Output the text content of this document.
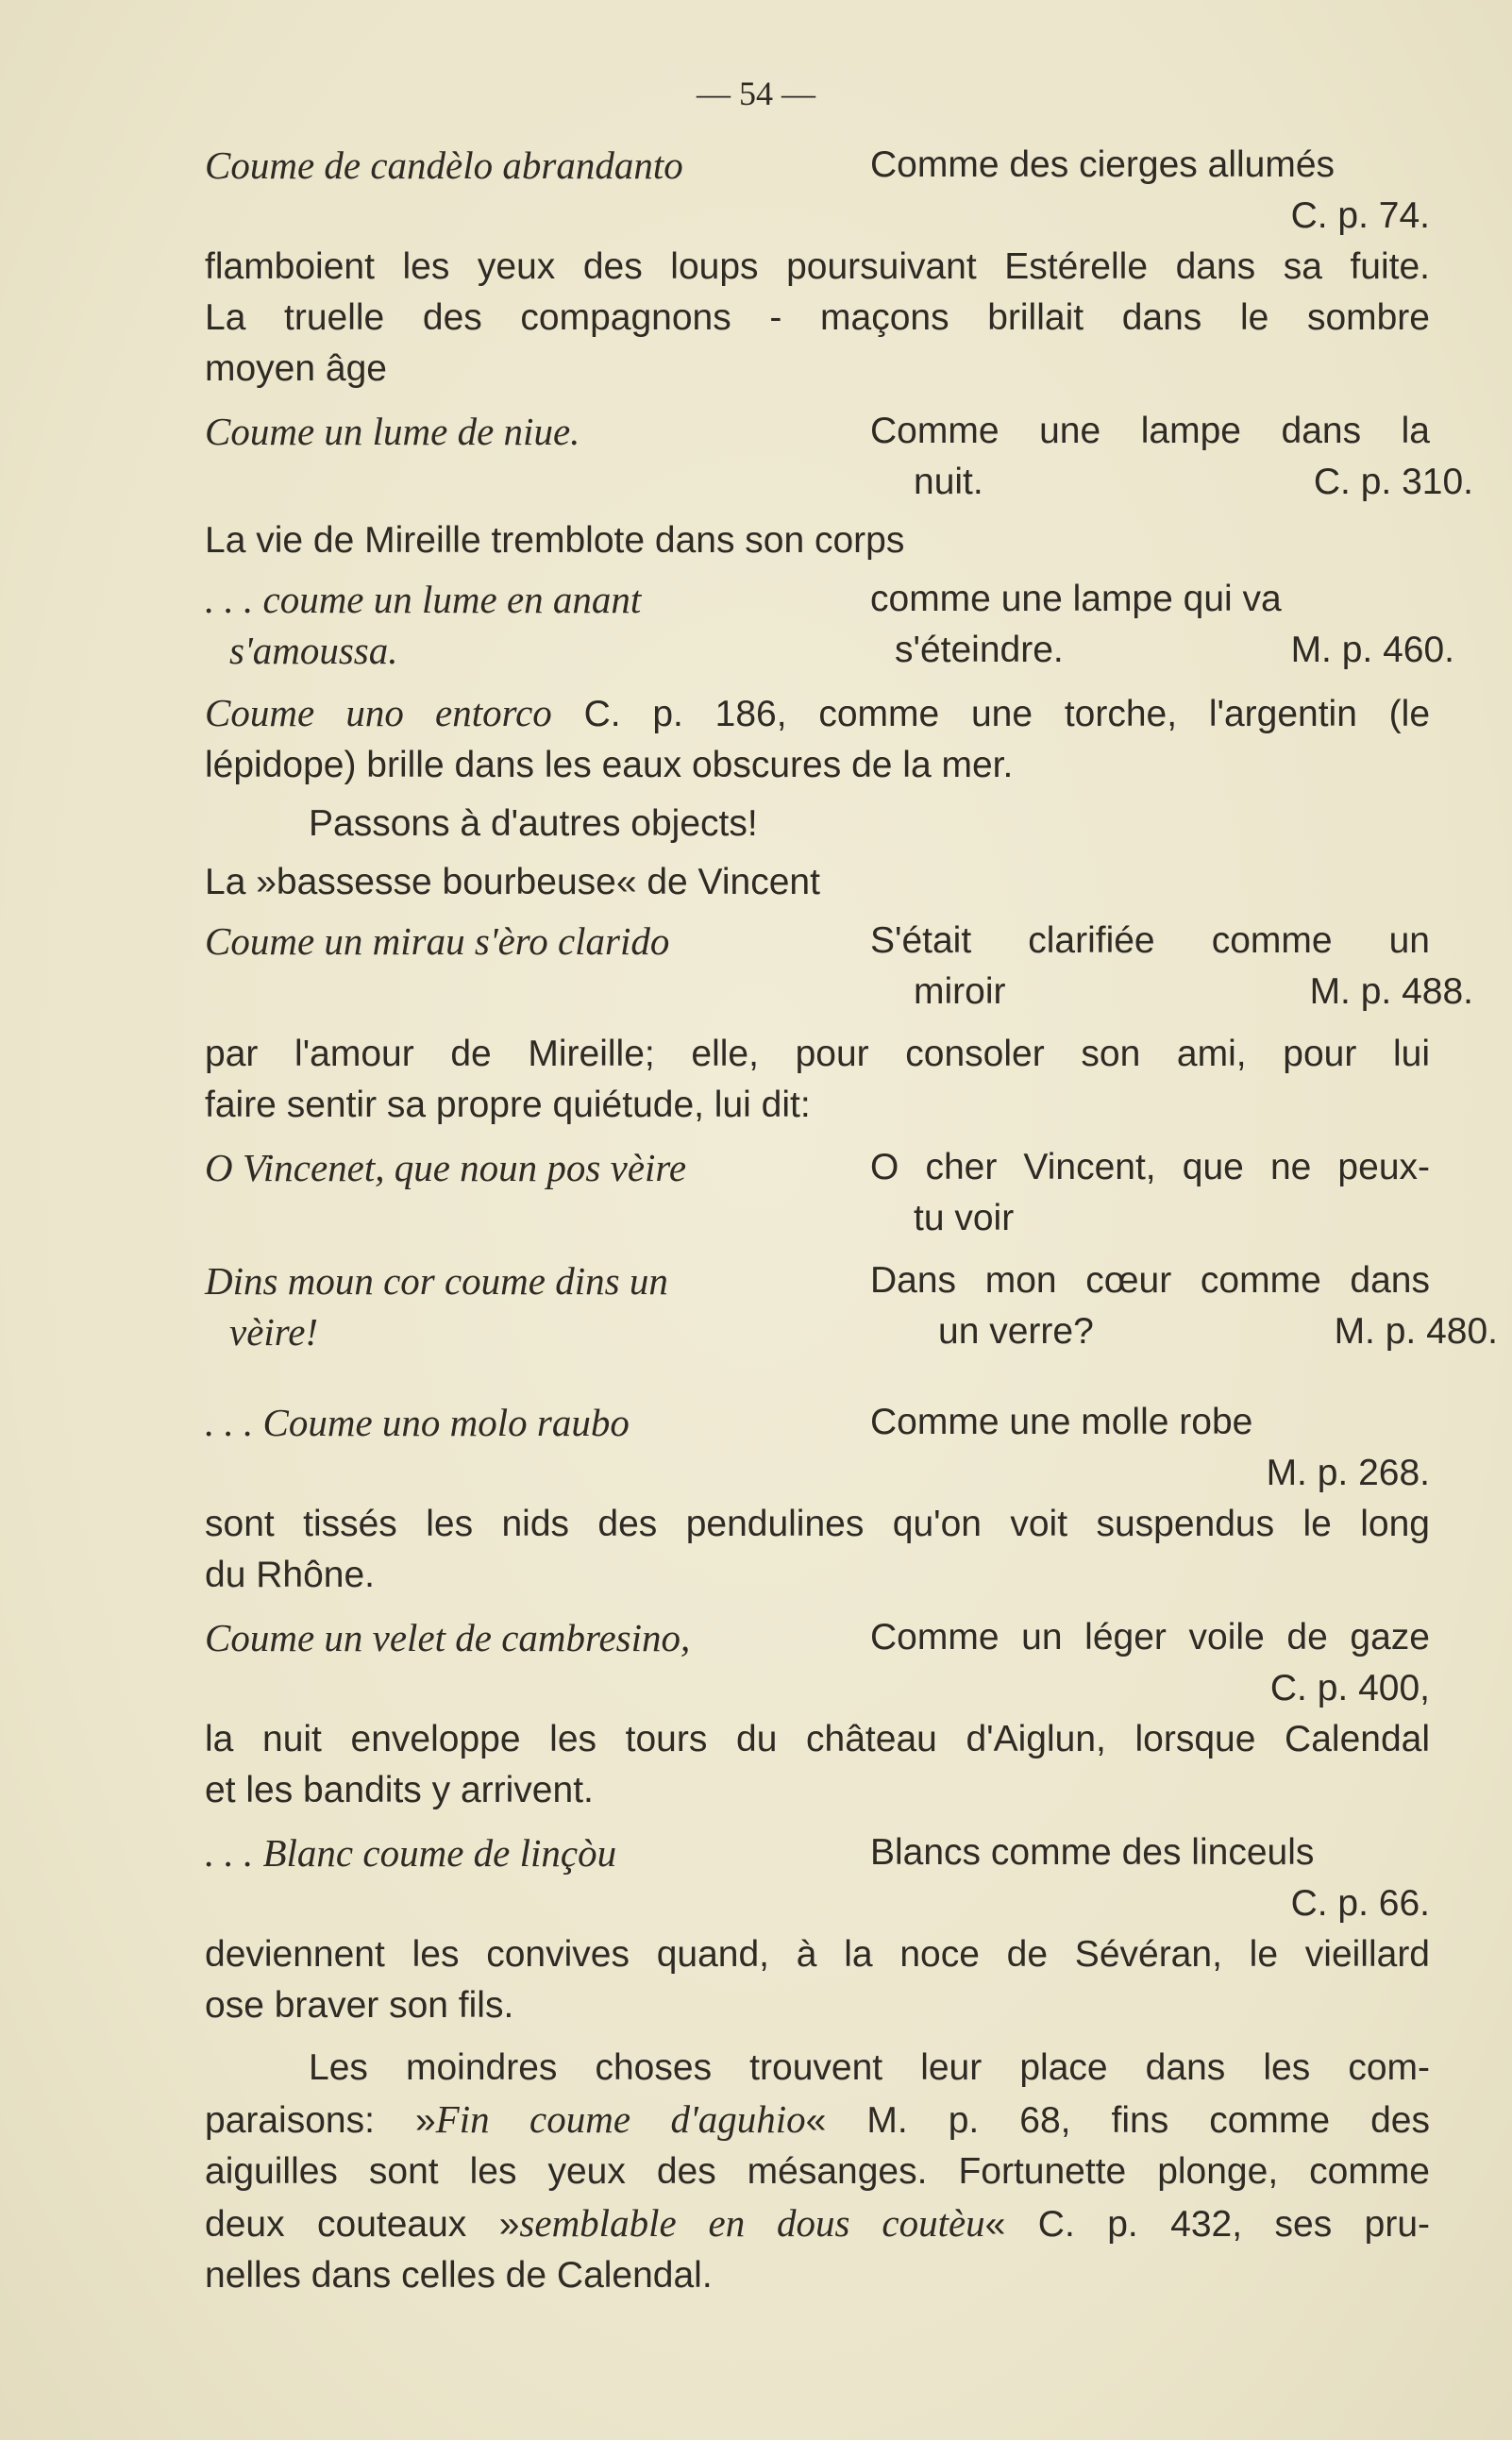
— 54 —
Coume de candèlo abrandanto	Comme des cierges allumés
C. p. 74.
flamboient les yeux des loups poursuivant Estérelle dans sa fuite.
La truelle des compagnons - maçons brillait dans le sombre
moyen âge
Coume un lume de niue.	Comme une lampe dans la
nuit.	C. p. 310.
La vie de Mireille tremblote dans son corps
. . . coume un lume en anant	comme une lampe qui va
s'amoussa.	s'éteindre.	M. p. 460.
Coume uno entorco C. p. 186, comme une torche, l'argentin (le
lépidope) brille dans les eaux obscures de la mer.
Passons à d'autres objects!
La »bassesse bourbeuse« de Vincent
Coume un mirau s'èro clarido	S'était clarifiée comme un
miroir	M. p. 488.
par l'amour de Mireille; elle, pour consoler son ami, pour lui
faire sentir sa propre quiétude, lui dit:
O Vincenet, que noun pos vèire	O cher Vincent, que ne peux-
tu voir
Dins moun cor coume dins un	Dans mon cœur comme dans
vèire!	un verre?	M. p. 480.
. . . Coume uno molo raubo	Comme une molle robe
M. p. 268.
sont tissés les nids des pendulines qu'on voit suspendus le long
du Rhône.
Coume un velet de cambresino,	Comme un léger voile de gaze
C. p. 400,
la nuit enveloppe les tours du château d'Aiglun, lorsque Calendal
et les bandits y arrivent.
. . . Blanc coume de linçòu	Blancs comme des linceuls
C. p. 66.
deviennent les convives quand, à la noce de Sévéran, le vieillard
ose braver son fils.
Les moindres choses trouvent leur place dans les com-
paraisons: »Fin coume d'aguhio« M. p. 68, fins comme des
aiguilles sont les yeux des mésanges. Fortunette plonge, comme
deux couteaux »semblable en dous coutèu« C. p. 432, ses pru-
nelles dans celles de Calendal.
